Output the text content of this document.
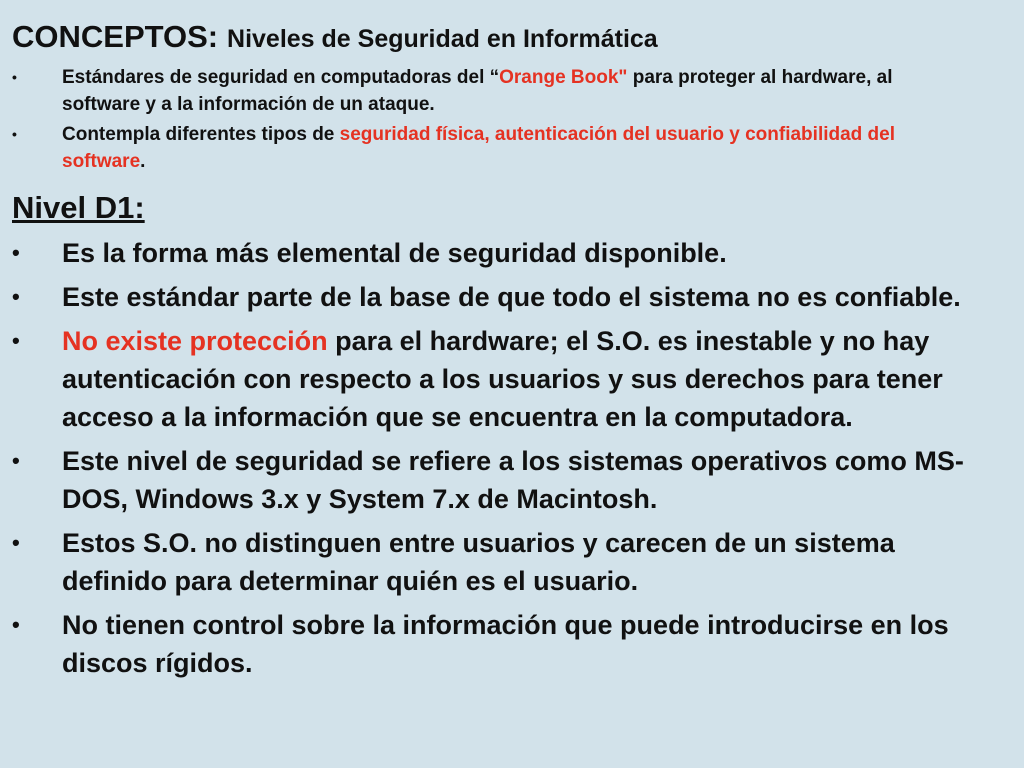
CONCEPTOS: Niveles de Seguridad en Informática
• Estándares de seguridad en computadoras del “Orange Book" para proteger al hardware, al software y a la información de un ataque.
• Contempla diferentes tipos de seguridad física, autenticación del usuario y confiabilidad del software.
Nivel D1:
• Es la forma más elemental de seguridad disponible.
• Este estándar parte de la base de que todo el sistema no es confiable.
• No existe protección para el hardware; el S.O. es inestable y no hay autenticación con respecto a los usuarios y sus derechos para tener acceso a la información que se encuentra en la computadora.
• Este nivel de seguridad se refiere a los sistemas operativos como MS-DOS, Windows 3.x y System 7.x de Macintosh.
• Estos S.O. no distinguen entre usuarios y carecen de un sistema definido para determinar quién es el usuario.
• No tienen control sobre la información que puede introducirse en los discos rígidos.
